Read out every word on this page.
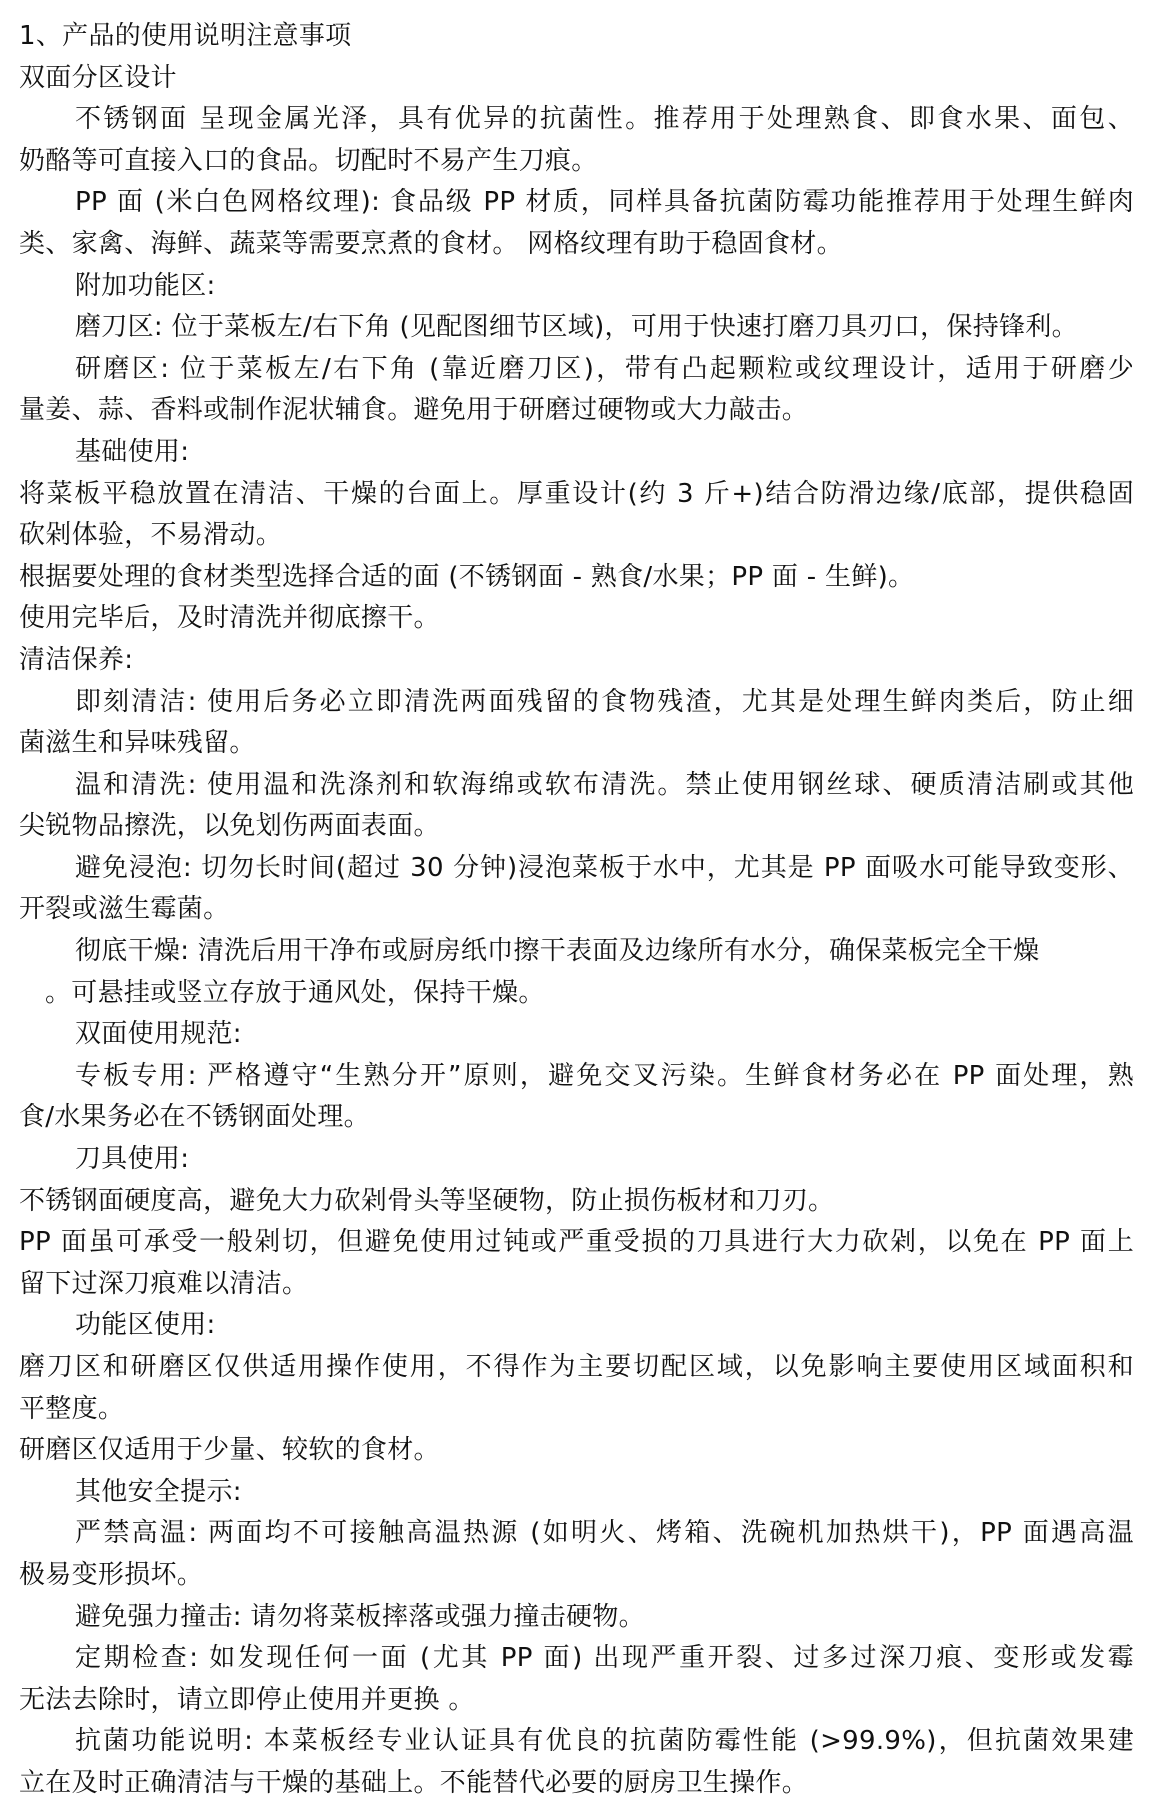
1、产品的使用说明注意事项
双面分区设计
不锈钢面 呈现金属光泽，具有优异的抗菌性。推荐用于处理熟食、即食水果、面包、
奶酪等可直接入口的食品。切配时不易产生刀痕。
PP 面 (米白色网格纹理): 食品级 PP 材质，同样具备抗菌防霉功能推荐用于处理生鲜肉
类、家禽、海鲜、蔬菜等需要烹煮的食材。 网格纹理有助于稳固食材。
附加功能区:
磨刀区: 位于菜板左/右下角 (见配图细节区域)，可用于快速打磨刀具刃口，保持锋利。
研磨区: 位于菜板左/右下角 (靠近磨刀区)，带有凸起颗粒或纹理设计，适用于研磨少
量姜、蒜、香料或制作泥状辅食。避免用于研磨过硬物或大力敲击。
基础使用:
将菜板平稳放置在清洁、干燥的台面上。厚重设计(约 3 斤+)结合防滑边缘/底部，提供稳固
砍剁体验，不易滑动。
根据要处理的食材类型选择合适的面 (不锈钢面 - 熟食/水果；PP 面 - 生鲜)。
使用完毕后，及时清洗并彻底擦干。
清洁保养:
即刻清洁: 使用后务必立即清洗两面残留的食物残渣，尤其是处理生鲜肉类后，防止细
菌滋生和异味残留。
温和清洗: 使用温和洗涤剂和软海绵或软布清洗。禁止使用钢丝球、硬质清洁刷或其他
尖锐物品擦洗，以免划伤两面表面。
避免浸泡: 切勿长时间(超过 30 分钟)浸泡菜板于水中，尤其是 PP 面吸水可能导致变形、
开裂或滋生霉菌。
彻底干燥: 清洗后用干净布或厨房纸巾擦干表面及边缘所有水分，确保菜板完全干燥
。可悬挂或竖立存放于通风处，保持干燥。
双面使用规范:
专板专用: 严格遵守“生熟分开”原则，避免交叉污染。生鲜食材务必在 PP 面处理，熟
食/水果务必在不锈钢面处理。
刀具使用:
不锈钢面硬度高，避免大力砍剁骨头等坚硬物，防止损伤板材和刀刃。
PP 面虽可承受一般剁切，但避免使用过钝或严重受损的刀具进行大力砍剁，以免在 PP 面上
留下过深刀痕难以清洁。
功能区使用:
磨刀区和研磨区仅供适用操作使用，不得作为主要切配区域，以免影响主要使用区域面积和
平整度。
研磨区仅适用于少量、较软的食材。
其他安全提示:
严禁高温: 两面均不可接触高温热源 (如明火、烤箱、洗碗机加热烘干)，PP 面遇高温
极易变形损坏。
避免强力撞击: 请勿将菜板摔落或强力撞击硬物。
定期检查: 如发现任何一面 (尤其 PP 面) 出现严重开裂、过多过深刀痕、变形或发霉
无法去除时，请立即停止使用并更换 。
抗菌功能说明: 本菜板经专业认证具有优良的抗菌防霉性能 (>99.9%)，但抗菌效果建
立在及时正确清洁与干燥的基础上。不能替代必要的厨房卫生操作。
